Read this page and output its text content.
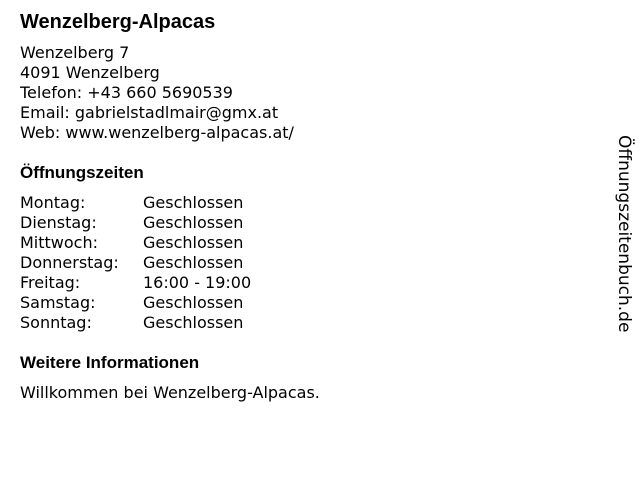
Wenzelberg-Alpacas
Wenzelberg 7
4091 Wenzelberg
Telefon: +43 660 5690539
Email: gabrielstadlmair@gmx.at
Web: www.wenzelberg-alpacas.at/
Öffnungszeiten
Montag:	Geschlossen
Dienstag:	Geschlossen
Mittwoch:	Geschlossen
Donnerstag:	Geschlossen
Freitag:	16:00 - 19:00
Samstag:	Geschlossen
Sonntag:	Geschlossen
Weitere Informationen
Willkommen bei Wenzelberg-Alpacas.
Öffnungszeitenbuch.de
